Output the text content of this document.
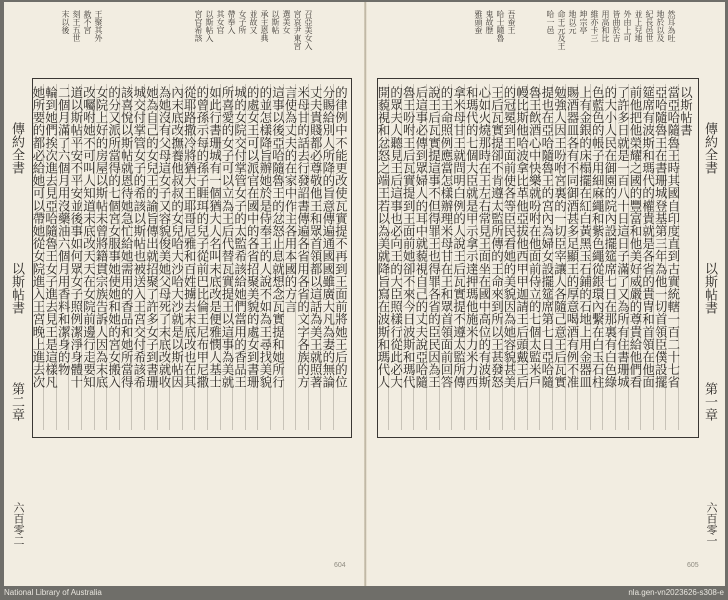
召亞美女入
宮哀尹東宮
選美女
以斯帖
承主恩典
並故又
女子所
帶奉入
其女官
以斯帖入
宮官希該
王聚其外
赦不宮
刻王五世
末以後
的律例中不能更改使瓦實提不再到王面前將她王后的位
分賜給別人所降的旨意傳遍通國國雖廣大凡為妻的無論
丈夫貴賤都必尊敬他王和眾首領都以這話為美王就照著
米母甘的話去行發詔書傳遍各省用各省的文字各族的方
言使為丈夫的在家中作主各用本國的方言
這事以後亞哈隨魯王的忿怒止息就想念瓦實提和她所行
的並怎樣降旨辦她於是侍奉王的人說不如為王尋找美貌
的處女王可以派官在國中的各省招聚美貌的處女到書珊
城的女院交付掌管女子的太監希該給她們當用的香品王
所喜愛的女子可以立為王后代替瓦實提王以這事為美就
如此行書珊城有一個猶大人名叫末底改是便雅憫人基士
的曾孫示每的孫子睚珥的兒子從前巴比倫王尼布甲尼撒
從耶路撒冷將猶大王耶哥尼雅和百姓擄去末底改也在其
內末底改撫養他叔叔的女兒哈大沙哈大沙就是以斯帖因
為她沒有父母這女子又容貌俊美她父母死了末底改就收
她為自己的女兒王的諭旨傳出就招聚了許多女子到書珊
城交付掌管女子的希該以斯帖也被送入王宮交付希該希
該喜悅以斯帖就恩待她急忙給她需用的香品和她所當得
的分又派所當得的七個宮女服事她使她和她的宮女搬入
女院上好的房屋以斯帖未曾將籍貫宗族告訴人因為末底
改囑咐她不可叫人知道末底改天天在女院前邊行走要知
道以斯帖平安不平安並後事如何眾女子照例潔淨身體十
二個月滿了六個月用沒藥油六個月用香料和潔身的物
輪到她們挨次進去見亞哈隨魯王女子進去見王是這樣凡
她所要的都必給她可以帶她從女院進入王宮晚上進去次
傳約全書
以斯帖書
第二章
六百零二
604
然耳為吐
地於以及
紀長邑世
並上兒地
外由上可
皆曲於吉
用高和比
維亦卡三
坤宗亭
地以元
命王元及王
哈一邑
吾蚕王
哈士隨魯
鬼故歷
雅頭蚕
以斯帖書
當亞哈隨魯王時其國自印度直到古實統轄一百二十七省
亞哈隨魯王在書珊城登基第三年為他一切首領臣僕設擺
筵席有波斯和瑪代的權貴就是各省的貴冑和首領在他面
前他把他榮耀之國的豐富和他美好威嚴的尊貴給他們看
了許多日就是一百八十日這日子滿了又為所有住書珊城
的大小人民在御園的院內設擺筵席七日在那裏有白色綠
色藍色的帳子用細麻繩和紫色繩從銀環內繫在白玉石柱
上有金銀的床榻擺在紅白黃黑玉石鋪的石地上用金器皿
賜酒器皿各有不同御酒甚多足顯王的厚意喝酒有例不准
勉強人因王吩咐宮裏的一切臣宰讓人各隨己意王后瓦實
提也在亞哈隨魯王的宮內為婦女設擺筵席第七日亞哈隨
魯王飲酒心中快樂就吩咐在他面前侍立的七個太監米戶
幔比斯他哈波拿比革他亞拔他西甲甲迦請王后頭戴王后
的冠冕到王面前使各等臣民看她的美貌因為她容貌甚美
王后瓦實提卻不肯遵太監所傳的王命來到所以王甚發怒
心如火燒那時在王左右常見王面坐在國中高位的有波斯
和瑪代的七個大臣就是甲示拿示達押瑪他施米力米力西
拿米母甘王就問明白例的人說王后瓦實提不遵太監所傳
的王命照例應當怎樣辦理米母甘在王和眾首領面前回答
說王后瓦實提這事不但得罪王也得罪各省的臣民因為王
后這事必傳到眾婦人的耳中就藐視自己的丈夫說亞哈隨
魯王吩咐王后瓦實提到王面前她卻不來今日波斯和瑪代
的眾夫人聽見王后這事也必向王的大臣照樣行從此必大
開藐視和忿怒之端王若以為美就降旨寫在波斯和瑪代人	傳約全書
以斯帖書
第一章
六百零一
605
National Library of Australia	nla.gen-vn2023626-s308-e
